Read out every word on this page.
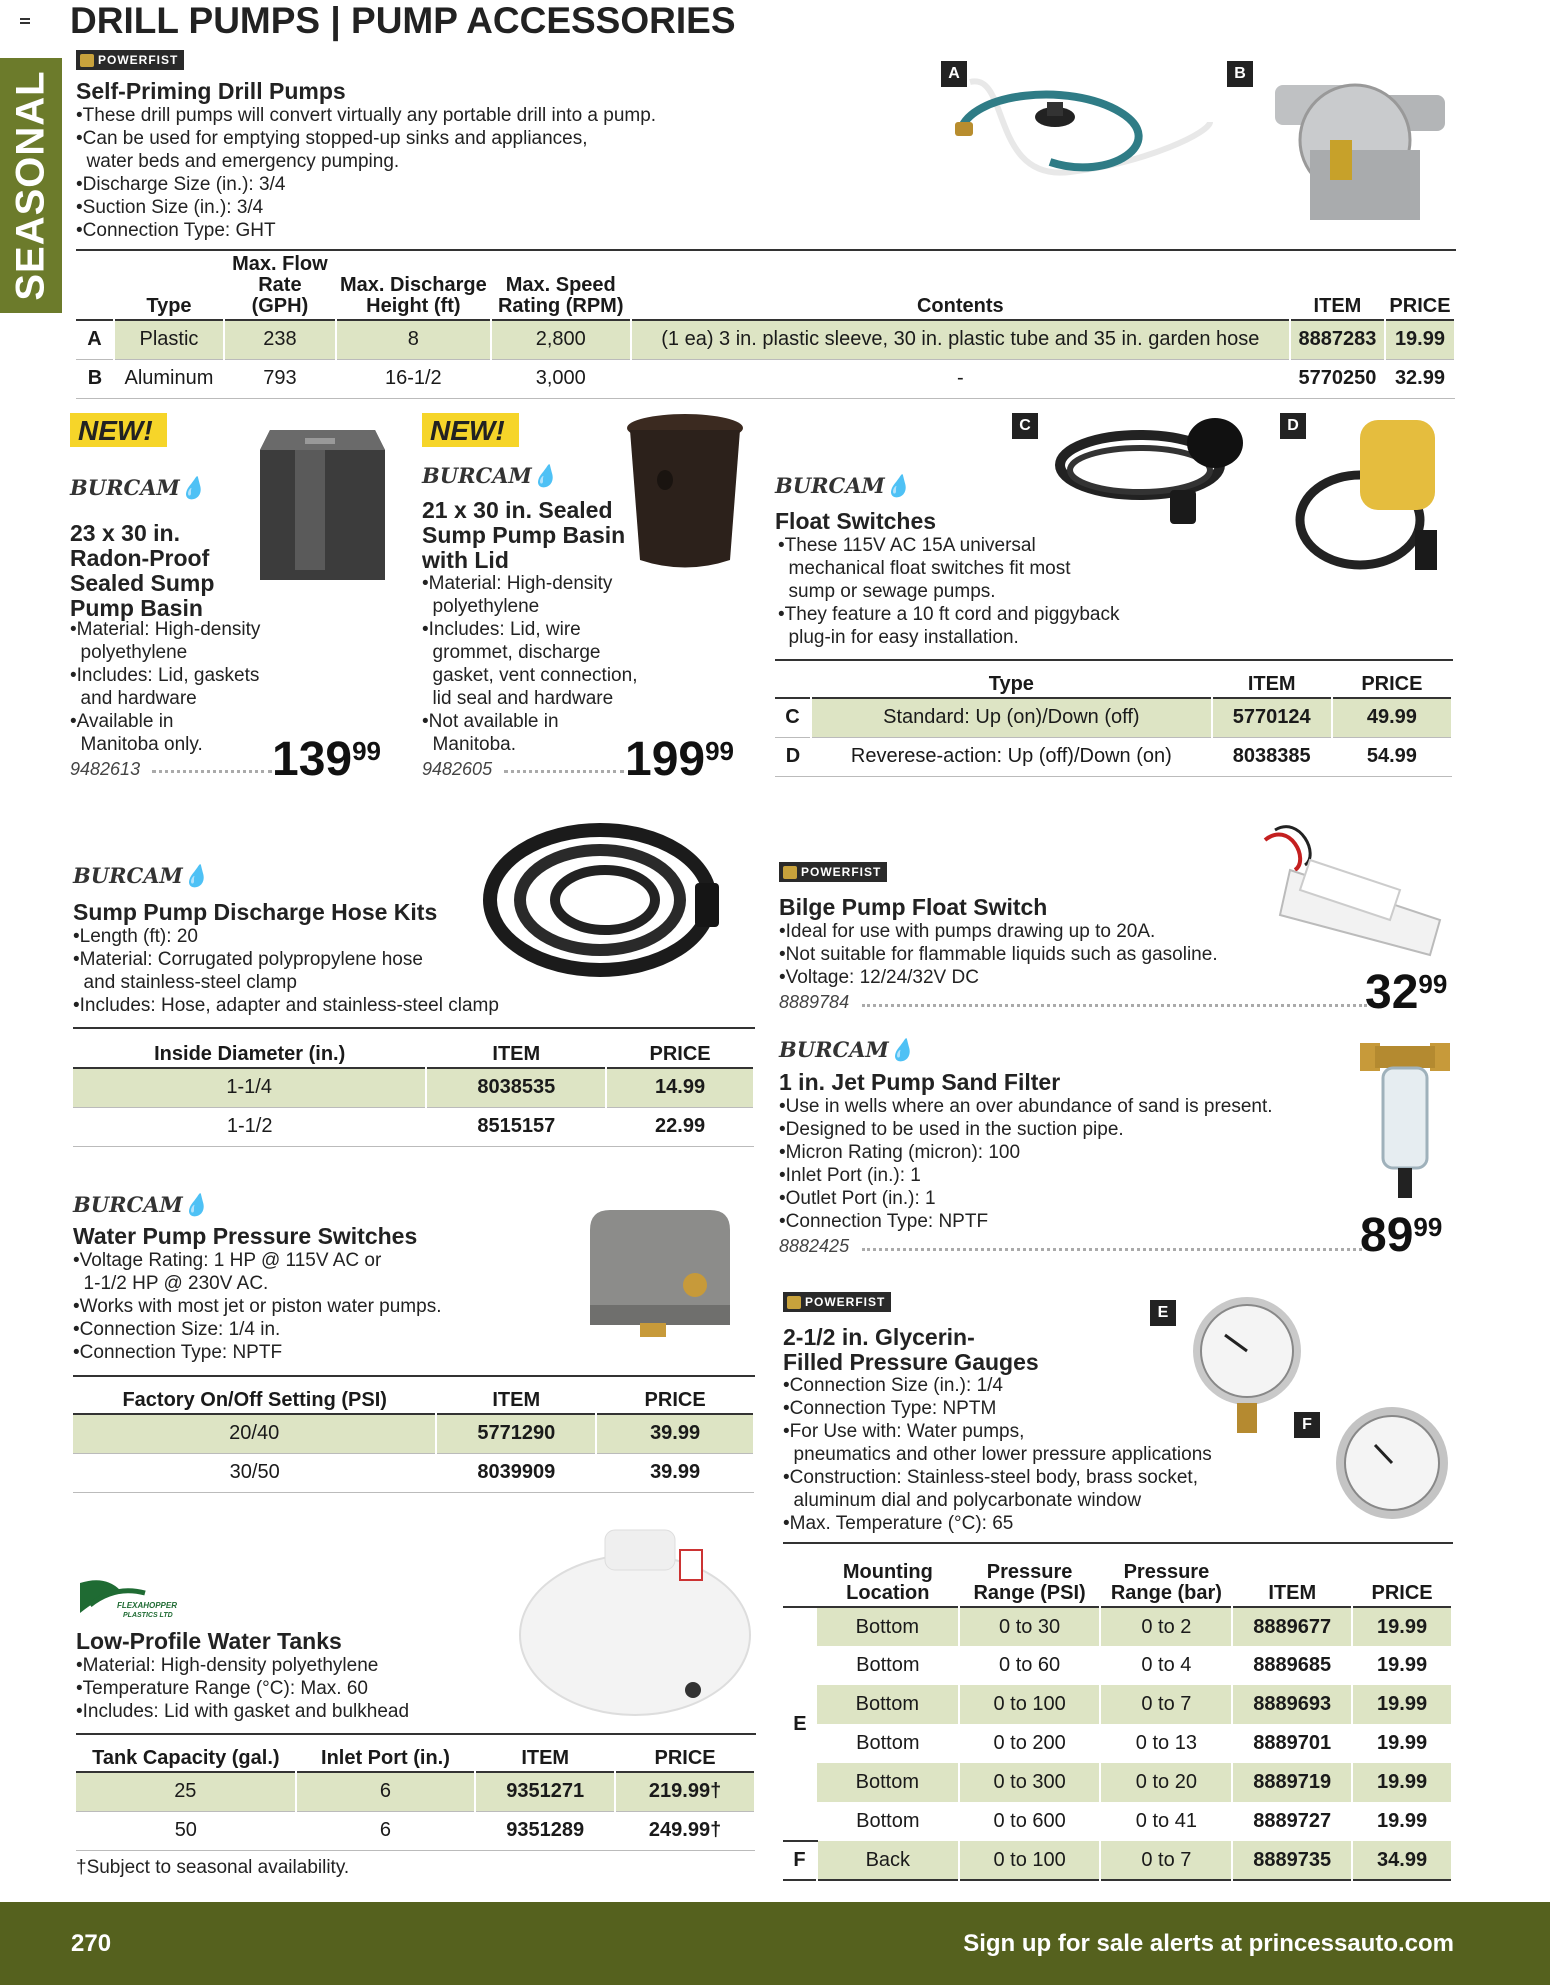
SEASONAL
DRILL PUMPS | PUMP ACCESSORIES
POWERFIST
Self-Priming Drill Pumps
•These drill pumps will convert virtually any portable drill into a pump.
•Can be used for emptying stopped-up sinks and appliances,
water beds and emergency pumping.
•Discharge Size (in.): 3/4
•Suction Size (in.): 3/4
•Connection Type: GHT
A	B
	Type	Max. Flow Rate (GPH)	Max. Discharge Height (ft)	Max. Speed Rating (RPM)	Contents	ITEM	PRICE
A	Plastic	238	8	2,800	(1 ea) 3 in. plastic sleeve, 30 in. plastic tube and 35 in. garden hose	8887283	19.99
B	Aluminum	793	16-1/2	3,000	-	5770250	32.99
NEW!
BURCAM💧
23 x 30 in.
Radon-Proof
Sealed Sump
Pump Basin
•Material: High-density
polyethylene
•Includes: Lid, gaskets
and hardware
•Available in
Manitoba only.
9482613	13999
NEW!
BURCAM💧
21 x 30 in. Sealed
Sump Pump Basin
with Lid
•Material: High-density
polyethylene
•Includes: Lid, wire
grommet, discharge
gasket, vent connection,
lid seal and hardware
•Not available in
Manitoba.
9482605	19999
BURCAM💧
C	D
Float Switches
•These 115V AC 15A universal
mechanical float switches fit most
sump or sewage pumps.
•They feature a 10 ft cord and piggyback
plug-in for easy installation.
	Type	ITEM	PRICE
C	Standard: Up (on)/Down (off)	5770124	49.99
D	Reverese-action: Up (off)/Down (on)	8038385	54.99
BURCAM💧
Sump Pump Discharge Hose Kits
•Length (ft): 20
•Material: Corrugated polypropylene hose
and stainless-steel clamp
•Includes: Hose, adapter and stainless-steel clamp
Inside Diameter (in.)	ITEM	PRICE
1-1/4	8038535	14.99
1-1/2	8515157	22.99
POWERFIST
Bilge Pump Float Switch
•Ideal for use with pumps drawing up to 20A.
•Not suitable for flammable liquids such as gasoline.
•Voltage: 12/24/32V DC
8889784	3299
BURCAM💧
1 in. Jet Pump Sand Filter
•Use in wells where an over abundance of sand is present.
•Designed to be used in the suction pipe.
•Micron Rating (micron): 100
•Inlet Port (in.): 1
•Outlet Port (in.): 1
•Connection Type: NPTF
8882425	8999
BURCAM💧
Water Pump Pressure Switches
•Voltage Rating: 1 HP @ 115V AC or
1-1/2 HP @ 230V AC.
•Works with most jet or piston water pumps.
•Connection Size: 1/4 in.
•Connection Type: NPTF
Factory On/Off Setting (PSI)	ITEM	PRICE
20/40	5771290	39.99
30/50	8039909	39.99
POWERFIST
E
F
2-1/2 in. Glycerin-
Filled Pressure Gauges
•Connection Size (in.): 1/4
•Connection Type: NPTM
•For Use with: Water pumps,
pneumatics and other lower pressure applications
•Construction: Stainless-steel body, brass socket,
aluminum dial and polycarbonate window
•Max. Temperature (°C): 65
	Mounting Location	Pressure Range (PSI)	Pressure Range (bar)	ITEM	PRICE
E	Bottom	0 to 30	0 to 2	8889677	19.99
	Bottom	0 to 60	0 to 4	8889685	19.99
	Bottom	0 to 100	0 to 7	8889693	19.99
	Bottom	0 to 200	0 to 13	8889701	19.99
	Bottom	0 to 300	0 to 20	8889719	19.99
	Bottom	0 to 600	0 to 41	8889727	19.99
F	Back	0 to 100	0 to 7	8889735	34.99
FLEXAHOPPER
PLASTICS LTD
Low-Profile Water Tanks
•Material: High-density polyethylene
•Temperature Range (°C): Max. 60
•Includes: Lid with gasket and bulkhead
Tank Capacity (gal.)	Inlet Port (in.)	ITEM	PRICE
25	6	9351271	219.99†
50	6	9351289	249.99†
†Subject to seasonal availability.
270	Sign up for sale alerts at princessauto.com
